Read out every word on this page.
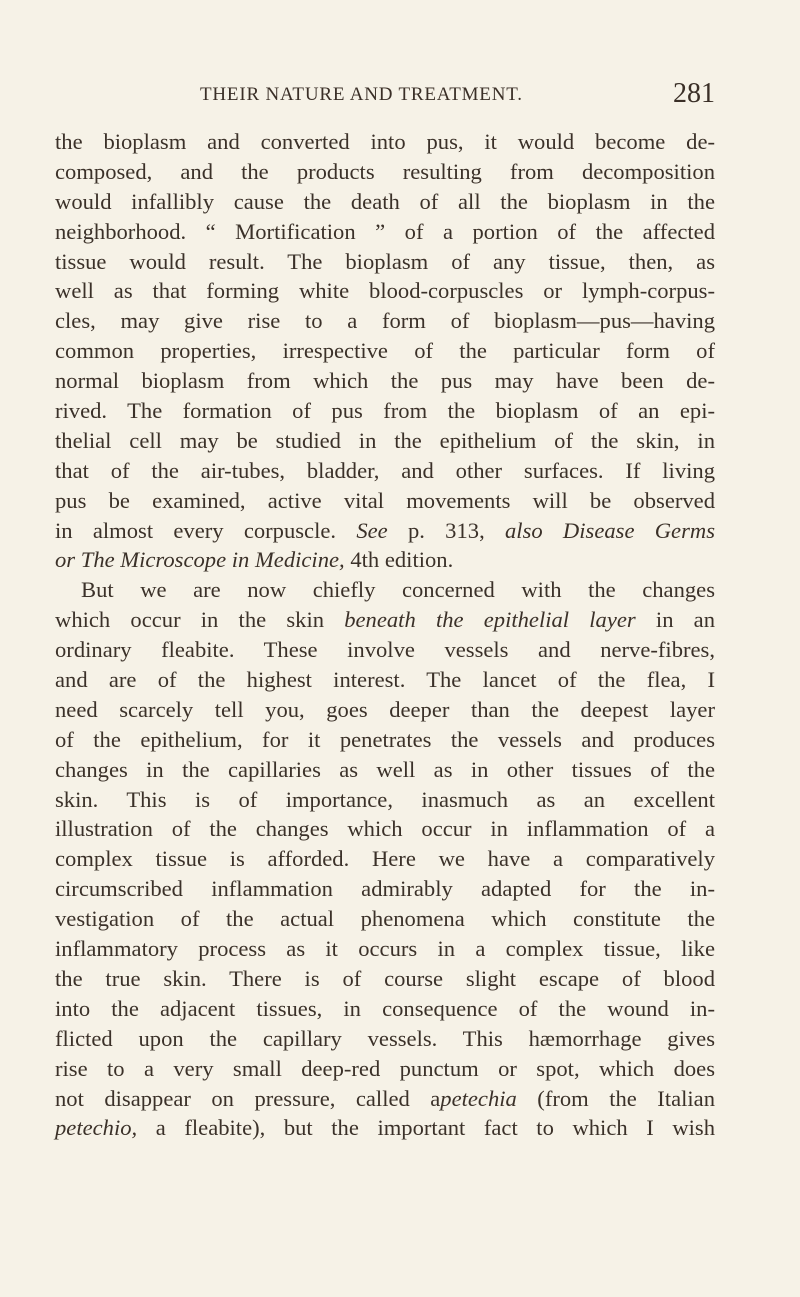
THEIR NATURE AND TREATMENT.	281
the bioplasm and converted into pus, it would become de-
composed, and the products resulting from decomposition
would infallibly cause the death of all the bioplasm in the
neighborhood. “ Mortification ” of a portion of the affected
tissue would result. The bioplasm of any tissue, then, as
well as that forming white blood-corpuscles or lymph-corpus-
cles, may give rise to a form of bioplasm—pus—having
common properties, irrespective of the particular form of
normal bioplasm from which the pus may have been de-
rived. The formation of pus from the bioplasm of an epi-
thelial cell may be studied in the epithelium of the skin, in
that of the air-tubes, bladder, and other surfaces. If living
pus be examined, active vital movements will be observed
in almost every corpuscle. See p. 313, also Disease Germs
or The Microscope in Medicine, 4th edition.
But we are now chiefly concerned with the changes
which occur in the skin beneath the epithelial layer in an
ordinary fleabite. These involve vessels and nerve-fibres,
and are of the highest interest. The lancet of the flea, I
need scarcely tell you, goes deeper than the deepest layer
of the epithelium, for it penetrates the vessels and produces
changes in the capillaries as well as in other tissues of the
skin. This is of importance, inasmuch as an excellent
illustration of the changes which occur in inflammation of a
complex tissue is afforded. Here we have a comparatively
circumscribed inflammation admirably adapted for the in-
vestigation of the actual phenomena which constitute the
inflammatory process as it occurs in a complex tissue, like
the true skin. There is of course slight escape of blood
into the adjacent tissues, in consequence of the wound in-
flicted upon the capillary vessels. This hæmorrhage gives
rise to a very small deep-red punctum or spot, which does
not disappear on pressure, called apetechia (from the Italian
petechio, a fleabite), but the important fact to which I wish
